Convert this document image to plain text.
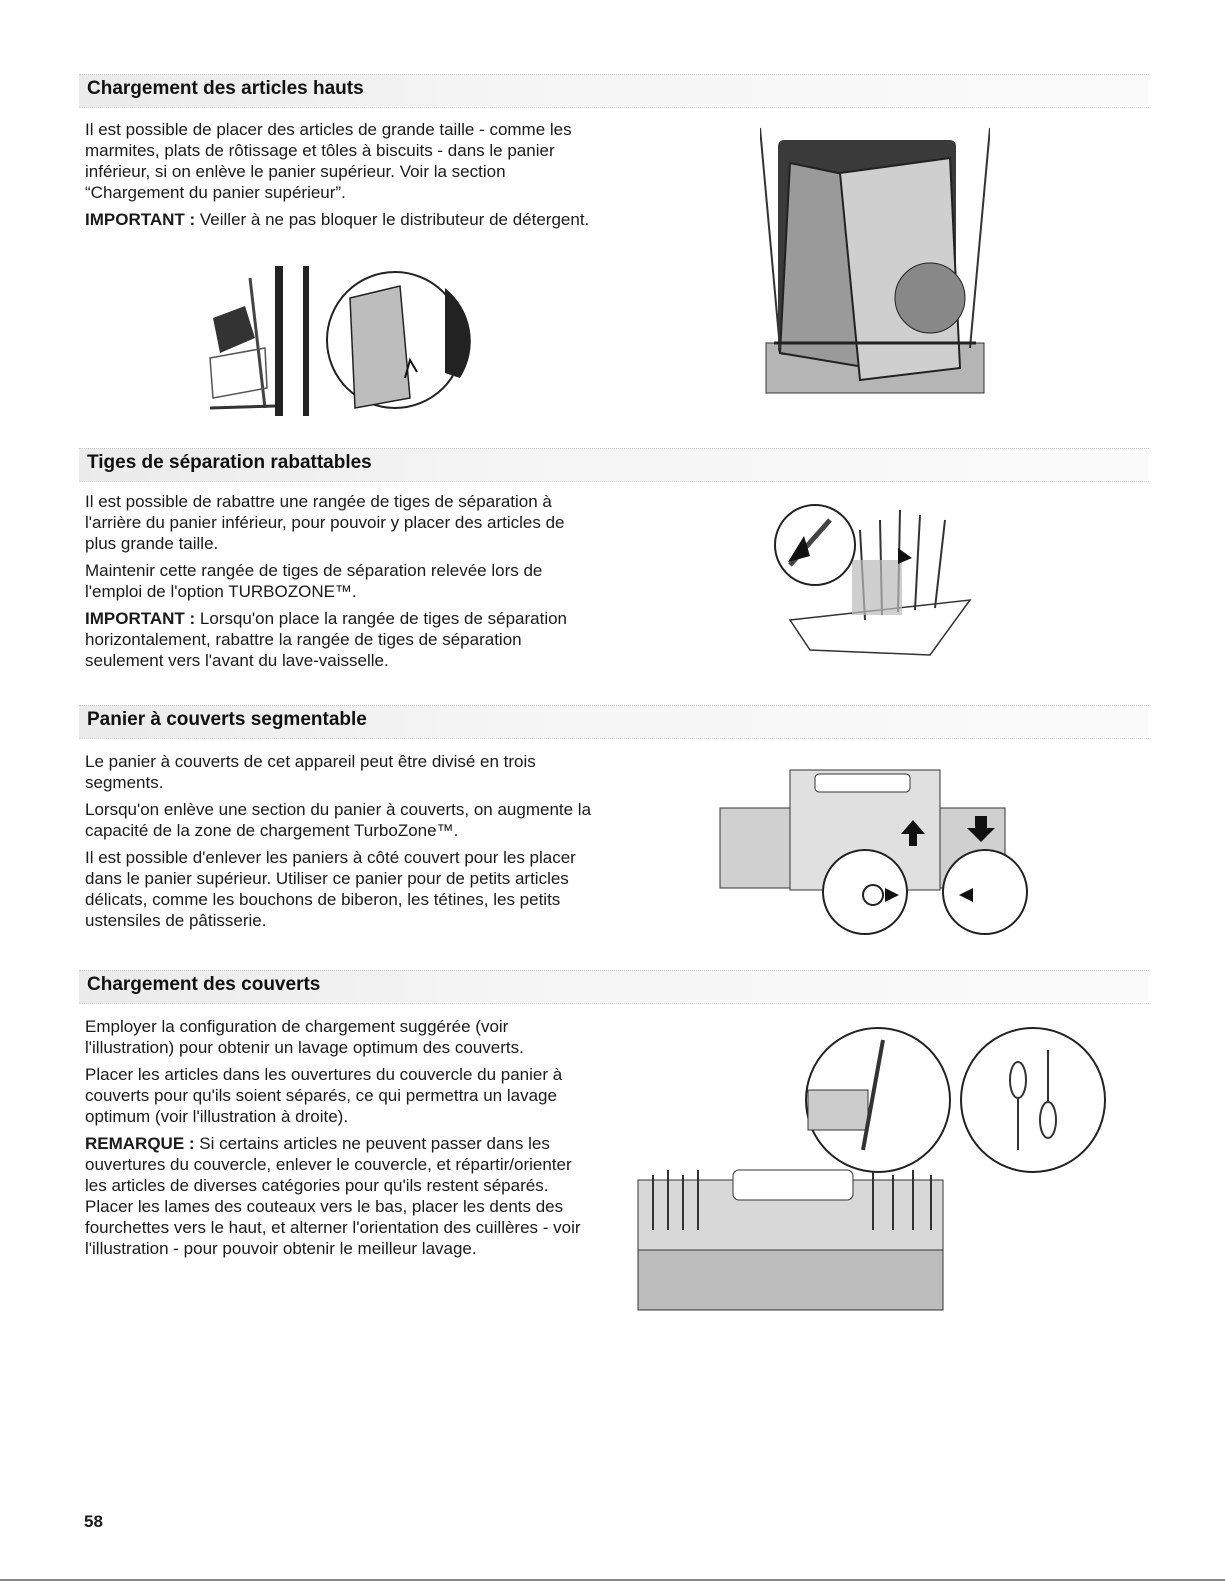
Chargement des articles hauts

Il est possible de placer des articles de grande taille - comme les marmites, plats de rôtissage et tôles à biscuits - dans le panier inférieur, si on enlève le panier supérieur. Voir la section “Chargement du panier supérieur”.

IMPORTANT : Veiller à ne pas bloquer le distributeur de détergent.

Tiges de séparation rabattables

Il est possible de rabattre une rangée de tiges de séparation à l'arrière du panier inférieur, pour pouvoir y placer des articles de plus grande taille.

Maintenir cette rangée de tiges de séparation relevée lors de l'emploi de l'option TURBOZONE™.

IMPORTANT : Lorsqu'on place la rangée de tiges de séparation horizontalement, rabattre la rangée de tiges de séparation seulement vers l'avant du lave-vaisselle.

Panier à couverts segmentable

Le panier à couverts de cet appareil peut être divisé en trois segments.

Lorsqu'on enlève une section du panier à couverts, on augmente la capacité de la zone de chargement TurboZone™.

Il est possible d'enlever les paniers à côté couvert pour les placer dans le panier supérieur. Utiliser ce panier pour de petits articles délicats, comme les bouchons de biberon, les tétines, les petits ustensiles de pâtisserie.

Chargement des couverts

Employer la configuration de chargement suggérée (voir l'illustration) pour obtenir un lavage optimum des couverts.

Placer les articles dans les ouvertures du couvercle du panier à couverts pour qu'ils soient séparés, ce qui permettra un lavage optimum (voir l'illustration à droite).

REMARQUE : Si certains articles ne peuvent passer dans les ouvertures du couvercle, enlever le couvercle, et répartir/orienter les articles de diverses catégories pour qu'ils restent séparés. Placer les lames des couteaux vers le bas, placer les dents des fourchettes vers le haut, et alterner l'orientation des cuillères - voir l'illustration - pour pouvoir obtenir le meilleur lavage.

58
